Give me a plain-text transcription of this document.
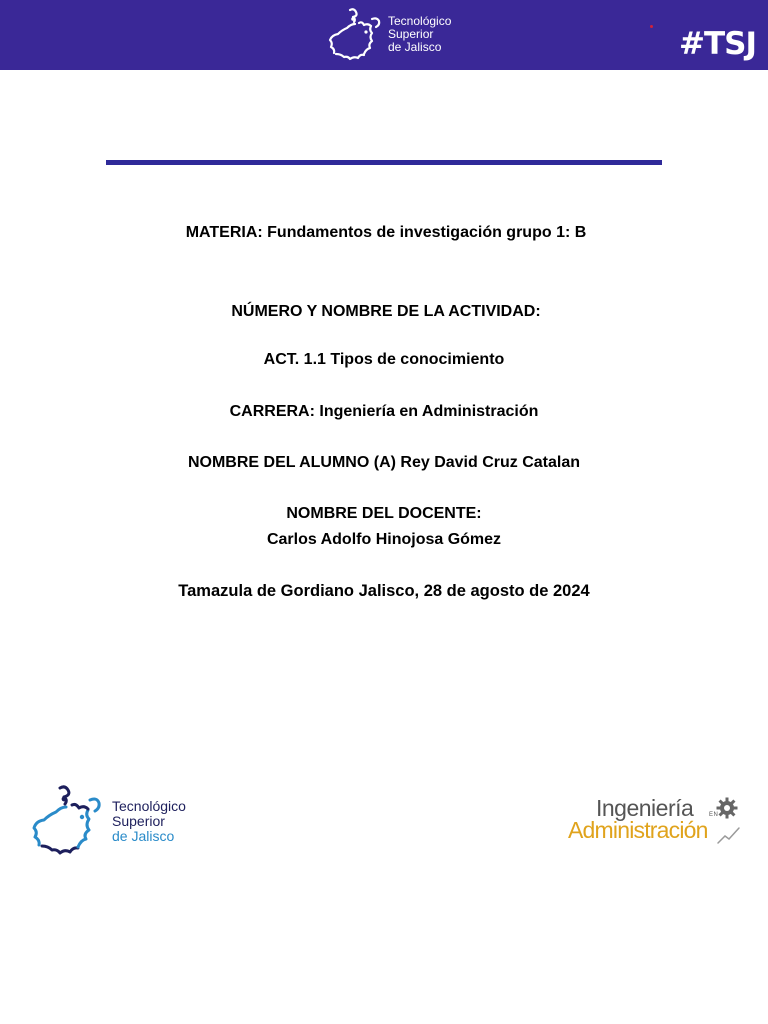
Tecnológico
Superior
de Jalisco	#TSJ
MATERIA: Fundamentos de investigación grupo 1: B
NÚMERO Y NOMBRE DE LA ACTIVIDAD:
ACT. 1.1 Tipos de conocimiento
CARRERA: Ingeniería en Administración
NOMBRE DEL ALUMNO (A) Rey David Cruz Catalan
NOMBRE DEL DOCENTE:
Carlos Adolfo Hinojosa Gómez
Tamazula de Gordiano Jalisco, 28 de agosto de 2024
Tecnológico
Superior
de Jalisco
Ingeniería	EN
Administración
